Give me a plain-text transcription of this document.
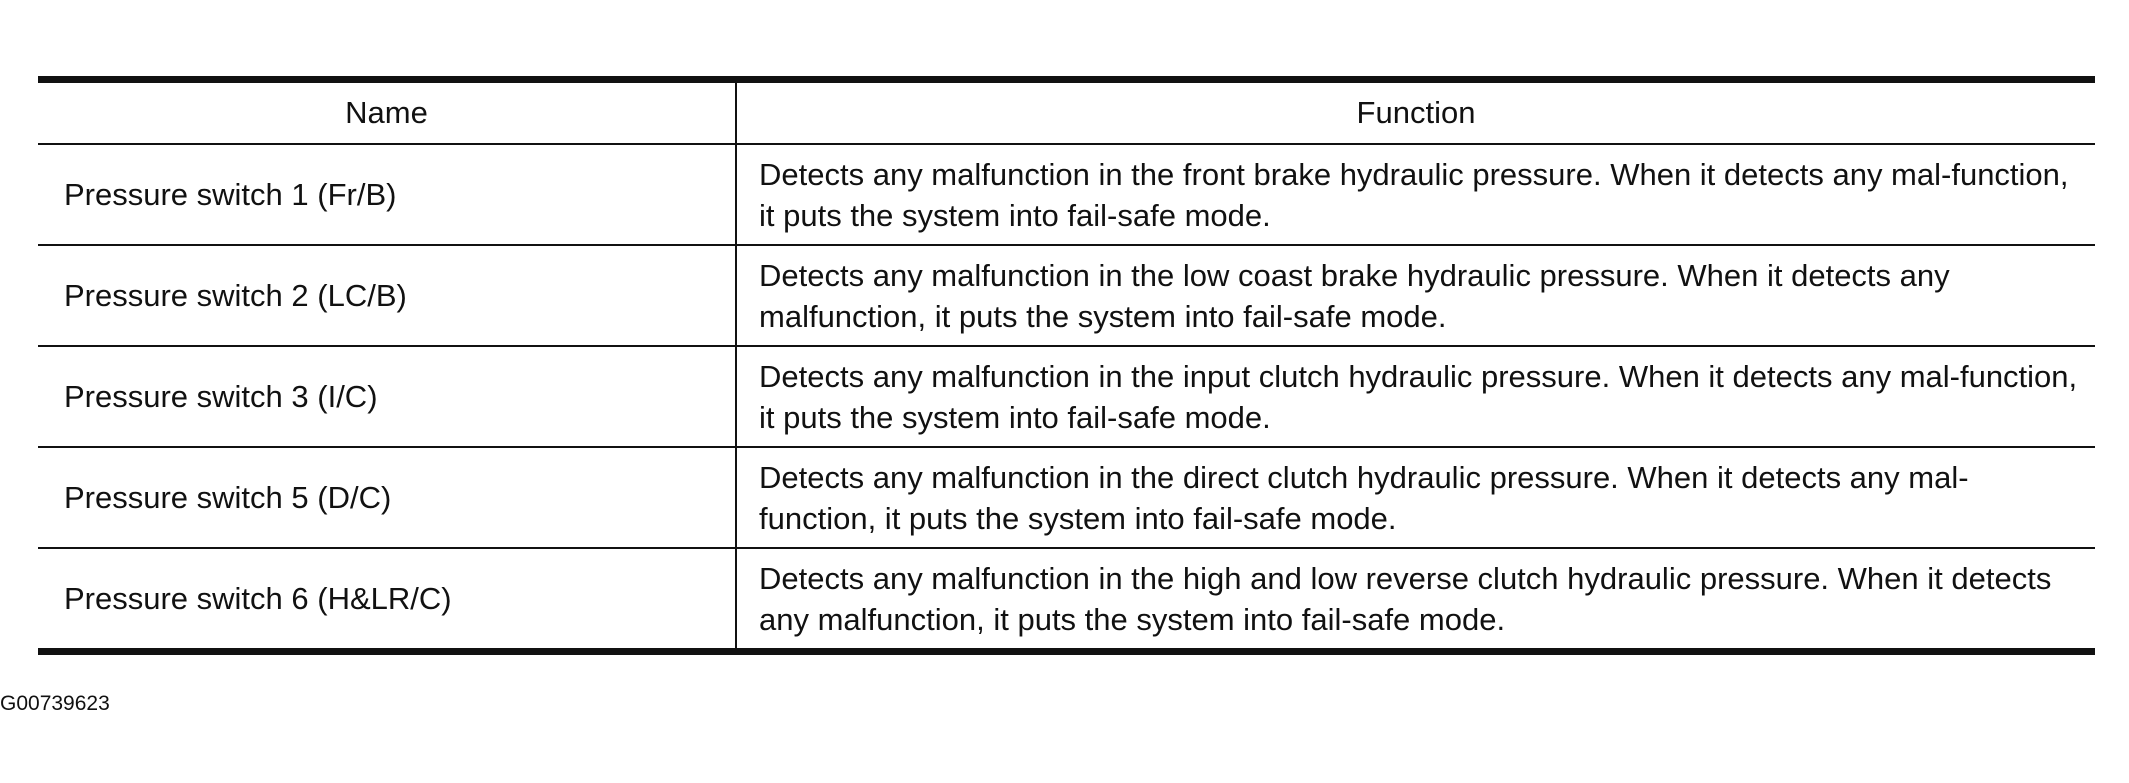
Name	Function
Pressure switch 1 (Fr/B)	Detects any malfunction in the front brake hydraulic pressure. When it detects any mal-function, it puts the system into fail-safe mode.
Pressure switch 2 (LC/B)	Detects any malfunction in the low coast brake hydraulic pressure. When it detects any malfunction, it puts the system into fail-safe mode.
Pressure switch 3 (I/C)	Detects any malfunction in the input clutch hydraulic pressure. When it detects any mal-function, it puts the system into fail-safe mode.
Pressure switch 5 (D/C)	Detects any malfunction in the direct clutch hydraulic pressure. When it detects any mal-function, it puts the system into fail-safe mode.
Pressure switch 6 (H&LR/C)	Detects any malfunction in the high and low reverse clutch hydraulic pressure. When it detects any malfunction, it puts the system into fail-safe mode.
G00739623
